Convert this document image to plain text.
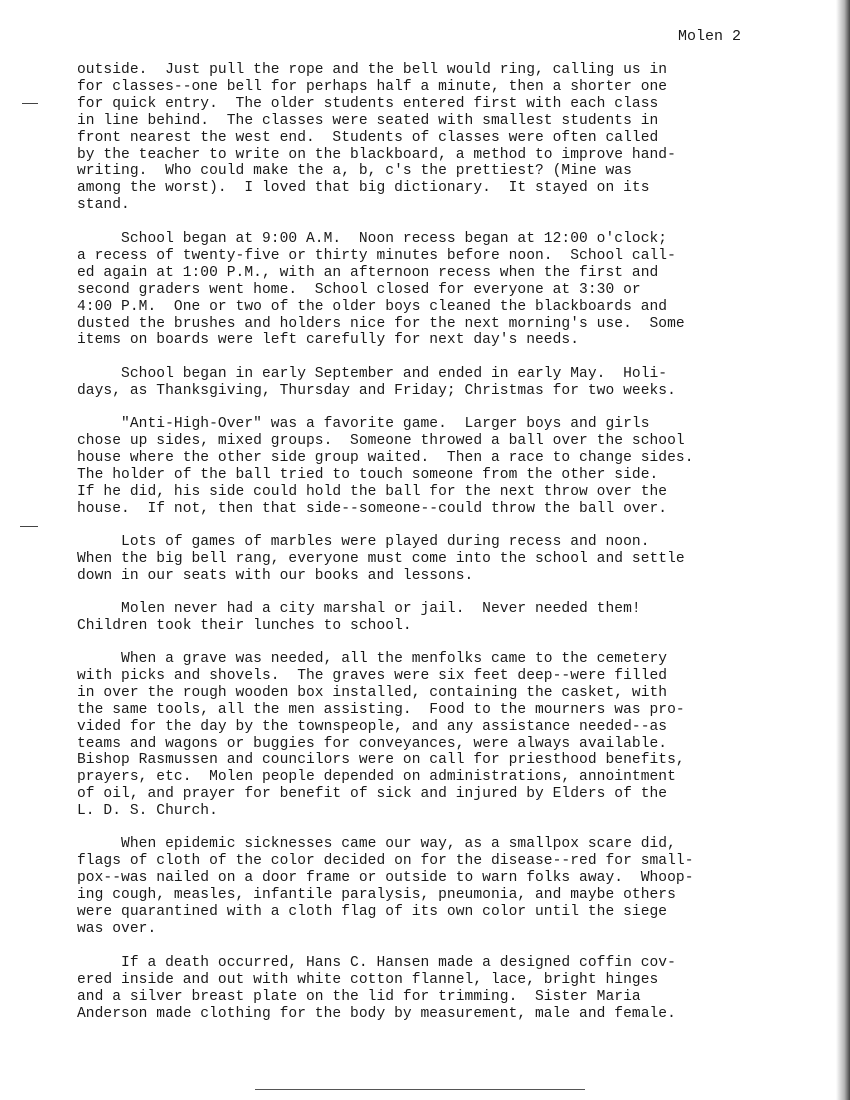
Molen 2
outside.  Just pull the rope and the bell would ring, calling us in
for classes--one bell for perhaps half a minute, then a shorter one
for quick entry.  The older students entered first with each class
in line behind.  The classes were seated with smallest students in
front nearest the west end.  Students of classes were often called
by the teacher to write on the blackboard, a method to improve hand-
writing.  Who could make the a, b, c's the prettiest? (Mine was
among the worst).  I loved that big dictionary.  It stayed on its
stand.
School began at 9:00 A.M.  Noon recess began at 12:00 o'clock;
a recess of twenty-five or thirty minutes before noon.  School call-
ed again at 1:00 P.M., with an afternoon recess when the first and
second graders went home.  School closed for everyone at 3:30 or
4:00 P.M.  One or two of the older boys cleaned the blackboards and
dusted the brushes and holders nice for the next morning's use.  Some
items on boards were left carefully for next day's needs.
School began in early September and ended in early May.  Holi-
days, as Thanksgiving, Thursday and Friday; Christmas for two weeks.
"Anti-High-Over" was a favorite game.  Larger boys and girls
chose up sides, mixed groups.  Someone throwed a ball over the school
house where the other side group waited.  Then a race to change sides.
The holder of the ball tried to touch someone from the other side.
If he did, his side could hold the ball for the next throw over the
house.  If not, then that side--someone--could throw the ball over.
Lots of games of marbles were played during recess and noon.
When the big bell rang, everyone must come into the school and settle
down in our seats with our books and lessons.
Molen never had a city marshal or jail.  Never needed them!
Children took their lunches to school.
When a grave was needed, all the menfolks came to the cemetery
with picks and shovels.  The graves were six feet deep--were filled
in over the rough wooden box installed, containing the casket, with
the same tools, all the men assisting.  Food to the mourners was pro-
vided for the day by the townspeople, and any assistance needed--as
teams and wagons or buggies for conveyances, were always available.
Bishop Rasmussen and councilors were on call for priesthood benefits,
prayers, etc.  Molen people depended on administrations, annointment
of oil, and prayer for benefit of sick and injured by Elders of the
L. D. S. Church.
When epidemic sicknesses came our way, as a smallpox scare did,
flags of cloth of the color decided on for the disease--red for small-
pox--was nailed on a door frame or outside to warn folks away.  Whoop-
ing cough, measles, infantile paralysis, pneumonia, and maybe others
were quarantined with a cloth flag of its own color until the siege
was over.
If a death occurred, Hans C. Hansen made a designed coffin cov-
ered inside and out with white cotton flannel, lace, bright hinges
and a silver breast plate on the lid for trimming.  Sister Maria
Anderson made clothing for the body by measurement, male and female.
